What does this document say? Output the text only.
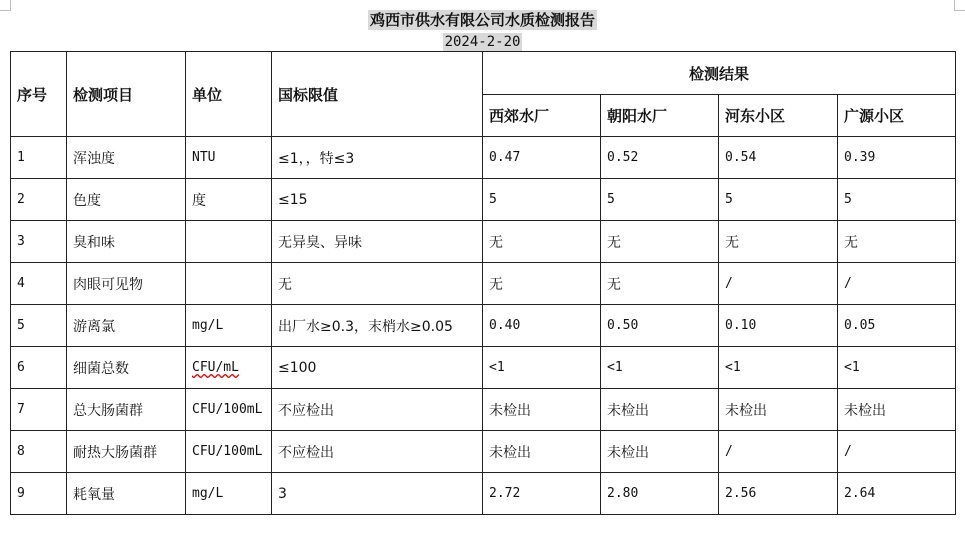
鸡西市供水有限公司水质检测报告
2024-2-20
序号	检测项目	单位	国标限值	检测结果			
				西郊水厂	朝阳水厂	河东小区	广源小区
1	浑浊度	NTU	≤1，，特≤3	0.47	0.52	0.54	0.39
2	色度	度	≤15	5	5	5	5
3	臭和味		无异臭、异味	无	无	无	无
4	肉眼可见物		无	无	无	/	/
5	游离氯	mg/L	出厂水≥0.3，末梢水≥0.05	0.40	0.50	0.10	0.05
6	细菌总数	CFU/mL	≤100	<1	<1	<1	<1
7	总大肠菌群	CFU/100mL	不应检出	未检出	未检出	未检出	未检出
8	耐热大肠菌群	CFU/100mL	不应检出	未检出	未检出	/	/
9	耗氧量	mg/L	3	2.72	2.80	2.56	2.64
